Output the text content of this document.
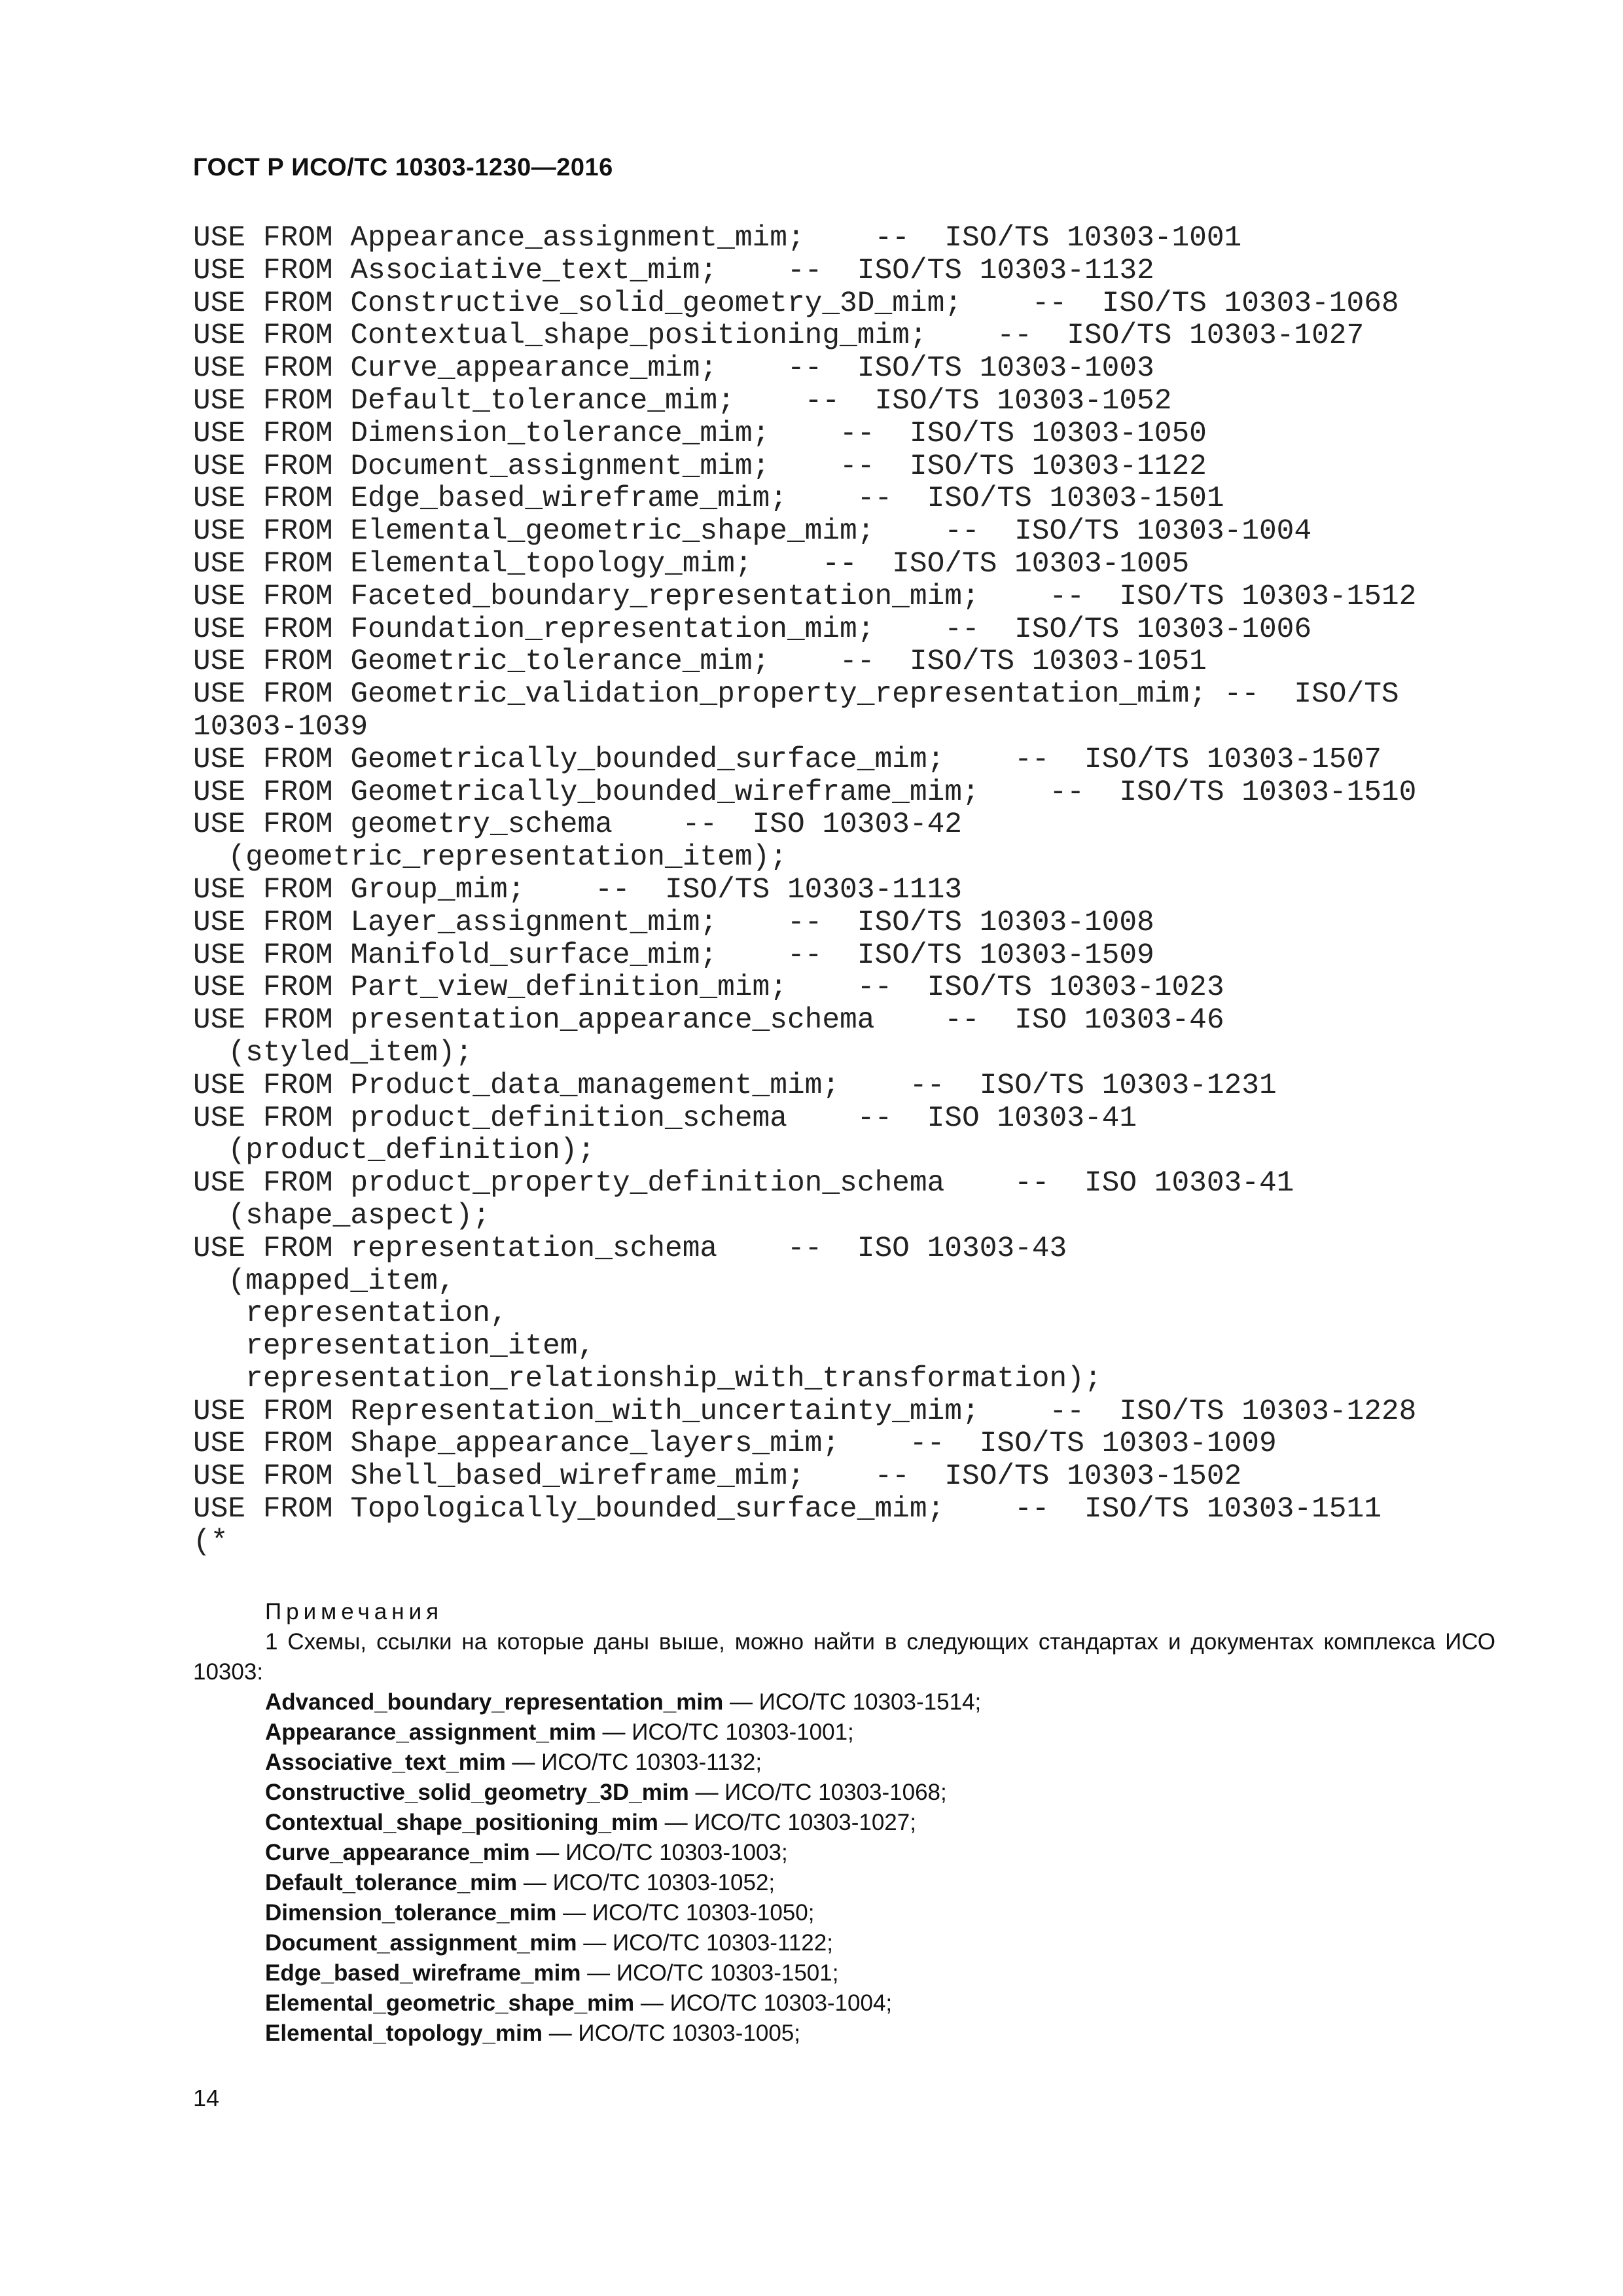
ГОСТ Р ИСО/ТС 10303-1230—2016
USE FROM Appearance_assignment_mim;    --  ISO/TS 10303-1001
USE FROM Associative_text_mim;    --  ISO/TS 10303-1132
USE FROM Constructive_solid_geometry_3D_mim;    --  ISO/TS 10303-1068
USE FROM Contextual_shape_positioning_mim;    --  ISO/TS 10303-1027
USE FROM Curve_appearance_mim;    --  ISO/TS 10303-1003
USE FROM Default_tolerance_mim;    --  ISO/TS 10303-1052
USE FROM Dimension_tolerance_mim;    --  ISO/TS 10303-1050
USE FROM Document_assignment_mim;    --  ISO/TS 10303-1122
USE FROM Edge_based_wireframe_mim;    --  ISO/TS 10303-1501
USE FROM Elemental_geometric_shape_mim;    --  ISO/TS 10303-1004
USE FROM Elemental_topology_mim;    --  ISO/TS 10303-1005
USE FROM Faceted_boundary_representation_mim;    --  ISO/TS 10303-1512
USE FROM Foundation_representation_mim;    --  ISO/TS 10303-1006
USE FROM Geometric_tolerance_mim;    --  ISO/TS 10303-1051
USE FROM Geometric_validation_property_representation_mim; --  ISO/TS
10303-1039
USE FROM Geometrically_bounded_surface_mim;    --  ISO/TS 10303-1507
USE FROM Geometrically_bounded_wireframe_mim;    --  ISO/TS 10303-1510
USE FROM geometry_schema    --  ISO 10303-42
(geometric_representation_item);
USE FROM Group_mim;    --  ISO/TS 10303-1113
USE FROM Layer_assignment_mim;    --  ISO/TS 10303-1008
USE FROM Manifold_surface_mim;    --  ISO/TS 10303-1509
USE FROM Part_view_definition_mim;    --  ISO/TS 10303-1023
USE FROM presentation_appearance_schema    --  ISO 10303-46
(styled_item);
USE FROM Product_data_management_mim;    --  ISO/TS 10303-1231
USE FROM product_definition_schema    --  ISO 10303-41
(product_definition);
USE FROM product_property_definition_schema    --  ISO 10303-41
(shape_aspect);
USE FROM representation_schema    --  ISO 10303-43
(mapped_item,
representation,
representation_item,
representation_relationship_with_transformation);
USE FROM Representation_with_uncertainty_mim;    --  ISO/TS 10303-1228
USE FROM Shape_appearance_layers_mim;    --  ISO/TS 10303-1009
USE FROM Shell_based_wireframe_mim;    --  ISO/TS 10303-1502
USE FROM Topologically_bounded_surface_mim;    --  ISO/TS 10303-1511
(*

Примечания
1 Схемы, ссылки на которые даны выше, можно найти в следующих стандартах и документах комплекса ИСО 10303:
Advanced_boundary_representation_mim — ИСО/ТС 10303-1514;
Appearance_assignment_mim — ИСО/ТС 10303-1001;
Associative_text_mim — ИСО/ТС 10303-1132;
Constructive_solid_geometry_3D_mim — ИСО/ТС 10303-1068;
Contextual_shape_positioning_mim — ИСО/ТС 10303-1027;
Curve_appearance_mim — ИСО/ТС 10303-1003;
Default_tolerance_mim — ИСО/ТС 10303-1052;
Dimension_tolerance_mim — ИСО/ТС 10303-1050;
Document_assignment_mim — ИСО/ТС 10303-1122;
Edge_based_wireframe_mim — ИСО/ТС 10303-1501;
Elemental_geometric_shape_mim — ИСО/ТС 10303-1004;
Elemental_topology_mim — ИСО/ТС 10303-1005;
14
